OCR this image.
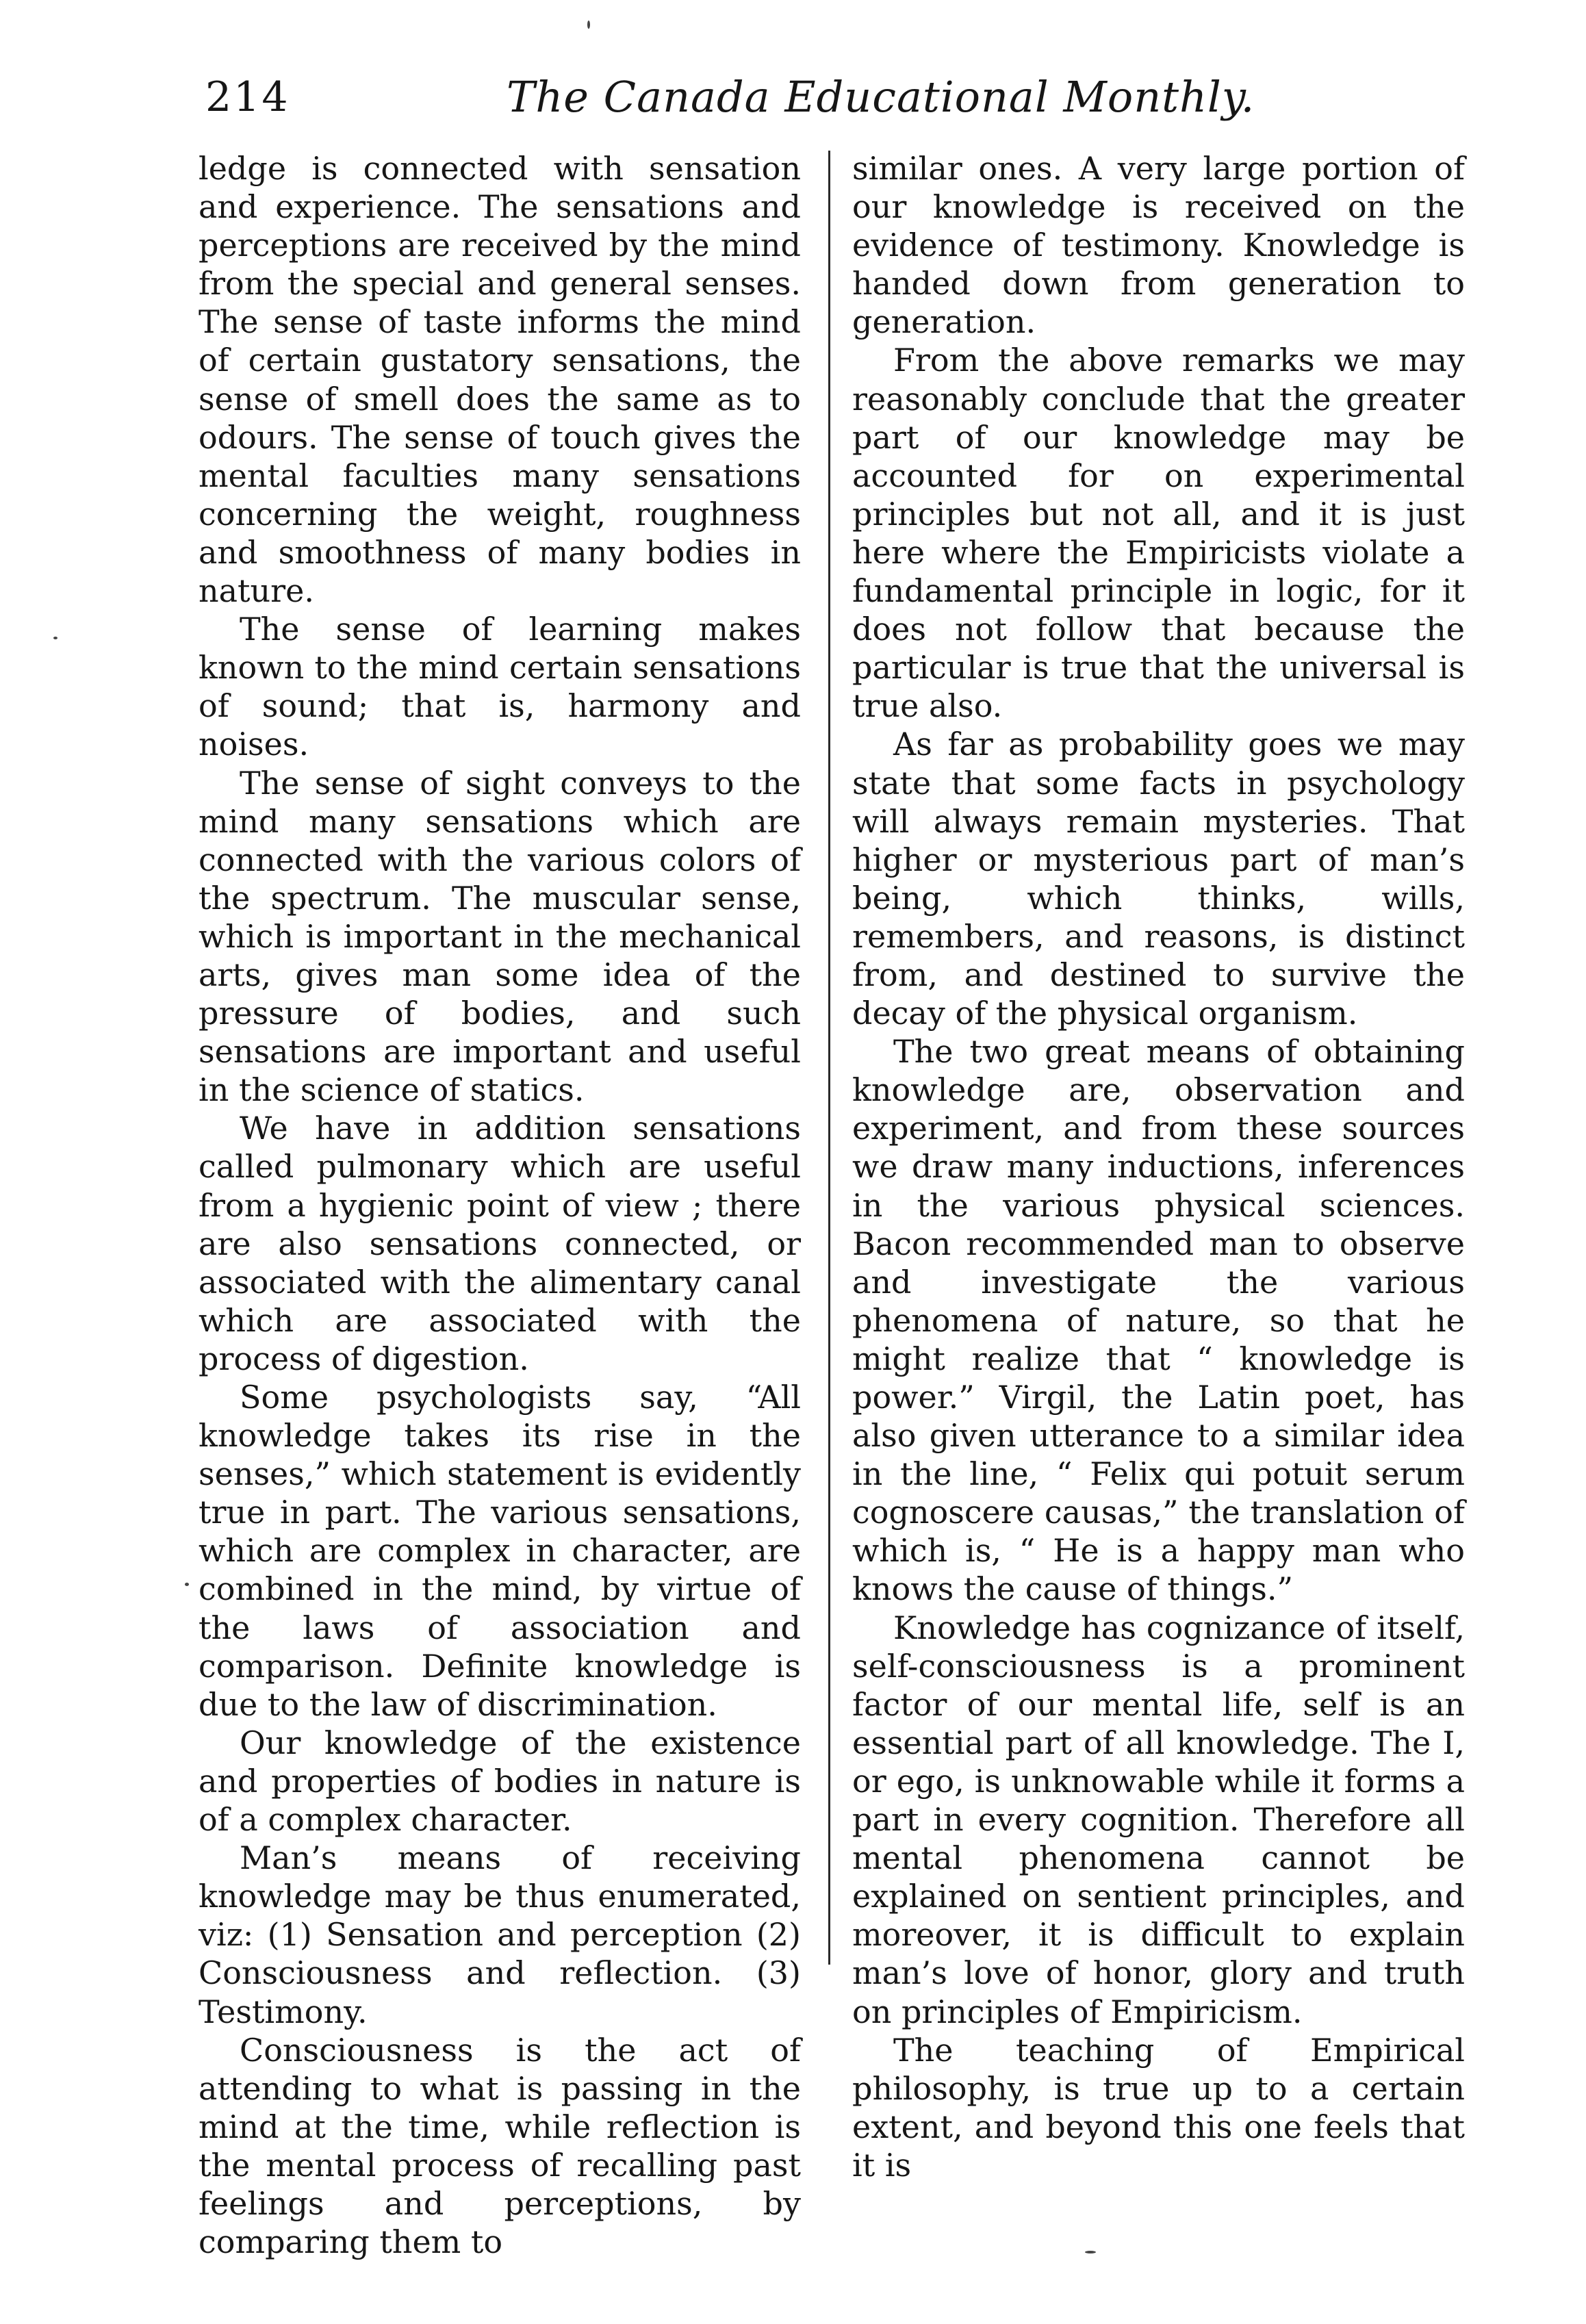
214	The Canada Educational Monthly.

ledge is connected with sensation and experience. The sensations and perceptions are received by the mind from the special and general senses. The sense of taste informs the mind of certain gustatory sensations, the sense of smell does the same as to odours. The sense of touch gives the mental faculties many sensations concerning the weight, roughness and smoothness of many bodies in nature.

The sense of learning makes known to the mind certain sensations of sound; that is, harmony and noises.

The sense of sight conveys to the mind many sensations which are connected with the various colors of the spectrum. The muscular sense, which is important in the mechanical arts, gives man some idea of the pressure of bodies, and such sensations are important and useful in the science of statics.

We have in addition sensations called pulmonary which are useful from a hygienic point of view ; there are also sensations connected, or associated with the alimentary canal which are associated with the process of digestion.

Some psychologists say, “All knowledge takes its rise in the senses,” which statement is evidently true in part. The various sensations, which are complex in character, are combined in the mind, by virtue of the laws of association and comparison. Definite knowledge is due to the law of discrimination.

Our knowledge of the existence and properties of bodies in nature is of a complex character.

Man’s means of receiving knowledge may be thus enumerated, viz: (1) Sensation and perception (2) Consciousness and reflection. (3) Testimony.

Consciousness is the act of attending to what is passing in the mind at the time, while reflection is the mental process of recalling past feelings and perceptions, by comparing them to

similar ones. A very large portion of our knowledge is received on the evidence of testimony. Knowledge is handed down from generation to generation.

From the above remarks we may reasonably conclude that the greater part of our knowledge may be accounted for on experimental principles but not all, and it is just here where the Empiricists violate a fundamental principle in logic, for it does not follow that because the particular is true that the universal is true also.

As far as probability goes we may state that some facts in psychology will always remain mysteries. That higher or mysterious part of man’s being, which thinks, wills, remembers, and reasons, is distinct from, and destined to survive the decay of the physical organism.

The two great means of obtaining knowledge are, observation and experiment, and from these sources we draw many inductions, inferences in the various physical sciences. Bacon recommended man to observe and investigate the various phenomena of nature, so that he might realize that “ knowledge is power.” Virgil, the Latin poet, has also given utterance to a similar idea in the line, “ Felix qui potuit serum cognoscere causas,” the translation of which is, “ He is a happy man who knows the cause of things.”

Knowledge has cognizance of itself, self-consciousness is a prominent factor of our mental life, self is an essential part of all knowledge. The I, or ego, is unknowable while it forms a part in every cognition. Therefore all mental phenomena cannot be explained on sentient principles, and moreover, it is difficult to explain man’s love of honor, glory and truth on principles of Empiricism.

The teaching of Empirical philosophy, is true up to a certain extent, and beyond this one feels that it is
